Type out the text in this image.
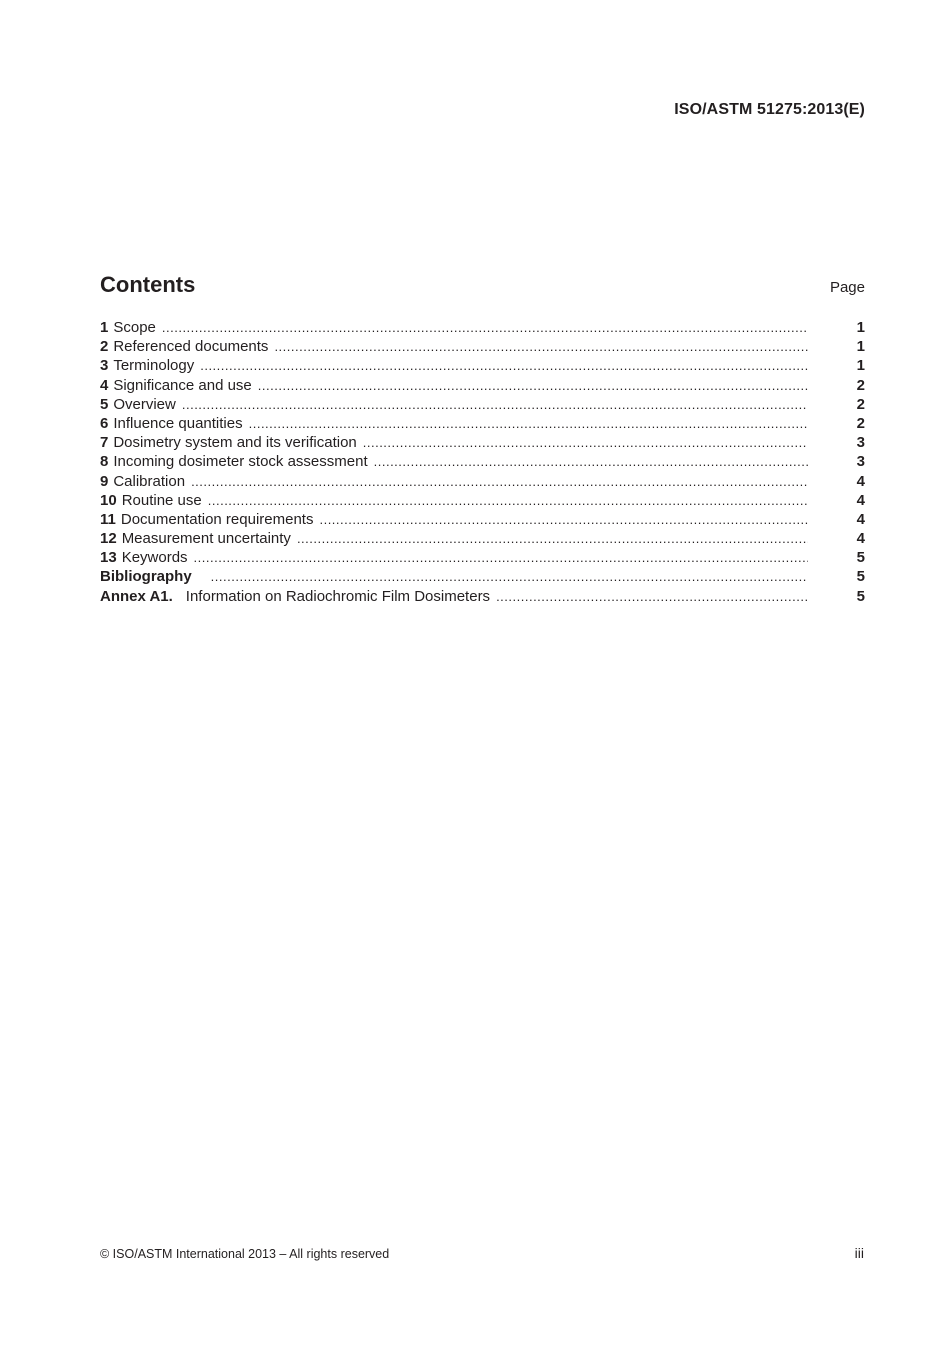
ISO/ASTM 51275:2013(E)
Contents	Page
1 Scope .....	1
2 Referenced documents .....	1
3 Terminology .....	1
4 Significance and use .....	2
5 Overview .....	2
6 Influence quantities .....	2
7 Dosimetry system and its verification .....	3
8 Incoming dosimeter stock assessment .....	3
9 Calibration .....	4
10 Routine use .....	4
11 Documentation requirements .....	4
12 Measurement uncertainty .....	4
13 Keywords .....	5
Bibliography .....	5
Annex A1. Information on Radiochromic Film Dosimeters .....	5
© ISO/ASTM International 2013 – All rights reserved	iii
